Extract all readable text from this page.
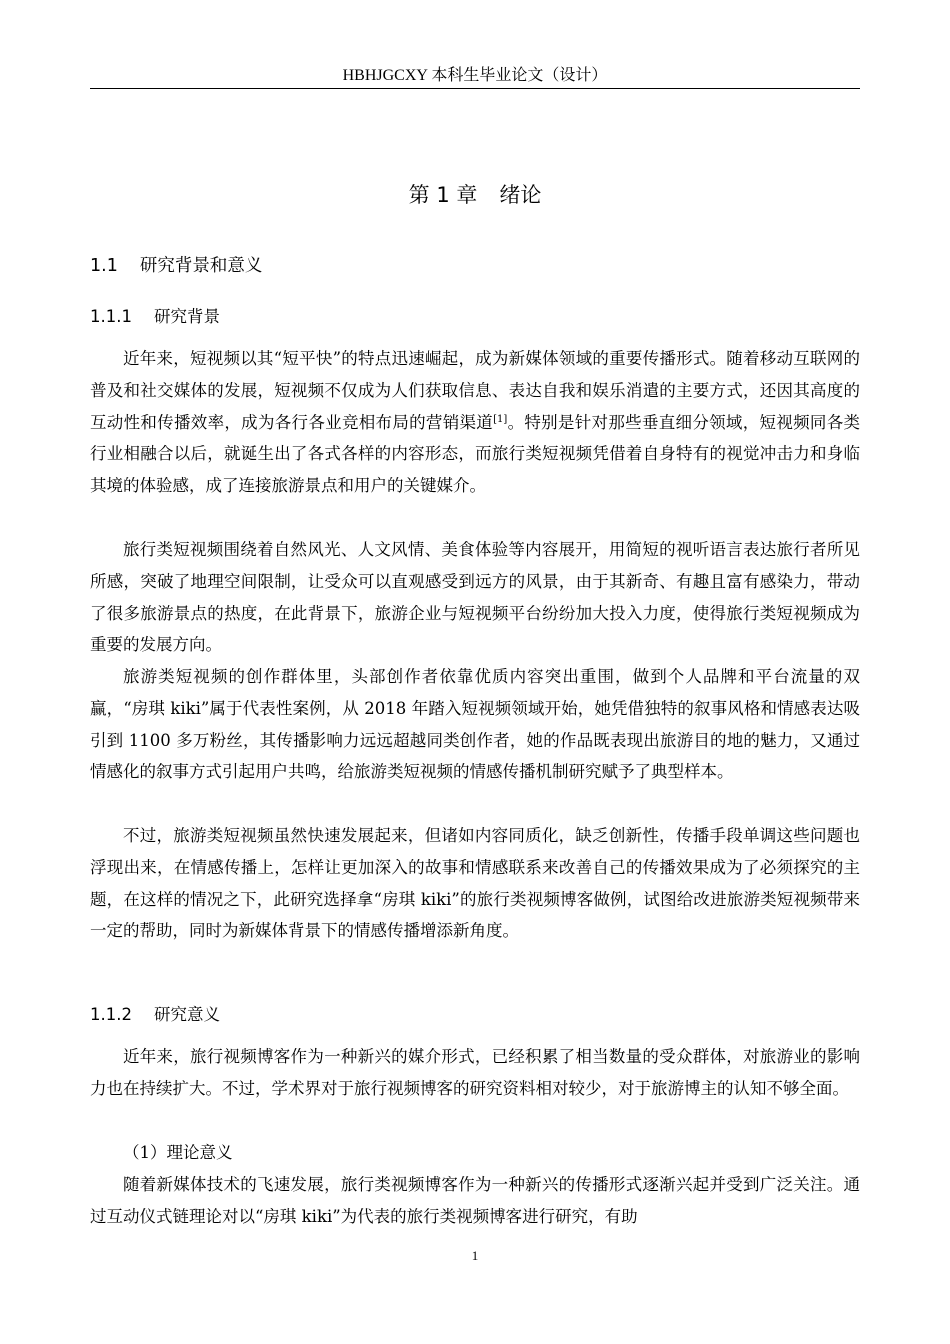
HBHJGCXY 本科生毕业论文（设计）
第 1 章 绪论
1.1 研究背景和意义
1.1.1 研究背景

近年来，短视频以其“短平快”的特点迅速崛起，成为新媒体领域的重要传播形式。随着移动互联网的普及和社交媒体的发展，短视频不仅成为人们获取信息、表达自我和娱乐消遣的主要方式，还因其高度的互动性和传播效率，成为各行各业竞相布局的营销渠道[1]。特别是针对那些垂直细分领域，短视频同各类行业相融合以后，就诞生出了各式各样的内容形态，而旅行类短视频凭借着自身特有的视觉冲击力和身临其境的体验感，成了连接旅游景点和用户的关键媒介。

旅行类短视频围绕着自然风光、人文风情、美食体验等内容展开，用简短的视听语言表达旅行者所见所感，突破了地理空间限制，让受众可以直观感受到远方的风景，由于其新奇、有趣且富有感染力，带动了很多旅游景点的热度，在此背景下，旅游企业与短视频平台纷纷加大投入力度，使得旅行类短视频成为重要的发展方向。

旅游类短视频的创作群体里，头部创作者依靠优质内容突出重围，做到个人品牌和平台流量的双赢，“房琪 kiki”属于代表性案例，从 2018 年踏入短视频领域开始，她凭借独特的叙事风格和情感表达吸引到 1100 多万粉丝，其传播影响力远远超越同类创作者，她的作品既表现出旅游目的地的魅力，又通过情感化的叙事方式引起用户共鸣，给旅游类短视频的情感传播机制研究赋予了典型样本。

不过，旅游类短视频虽然快速发展起来，但诸如内容同质化，缺乏创新性，传播手段单调这些问题也浮现出来，在情感传播上，怎样让更加深入的故事和情感联系来改善自己的传播效果成为了必须探究的主题，在这样的情况之下，此研究选择拿“房琪 kiki”的旅行类视频博客做例，试图给改进旅游类短视频带来一定的帮助，同时为新媒体背景下的情感传播增添新角度。

1.1.2 研究意义

近年来，旅行视频博客作为一种新兴的媒介形式，已经积累了相当数量的受众群体，对旅游业的影响力也在持续扩大。不过，学术界对于旅行视频博客的研究资料相对较少，对于旅游博主的认知不够全面。

（1）理论意义

随着新媒体技术的飞速发展，旅行类视频博客作为一种新兴的传播形式逐渐兴起并受到广泛关注。通过互动仪式链理论对以“房琪 kiki”为代表的旅行类视频博客进行研究，有助

1
